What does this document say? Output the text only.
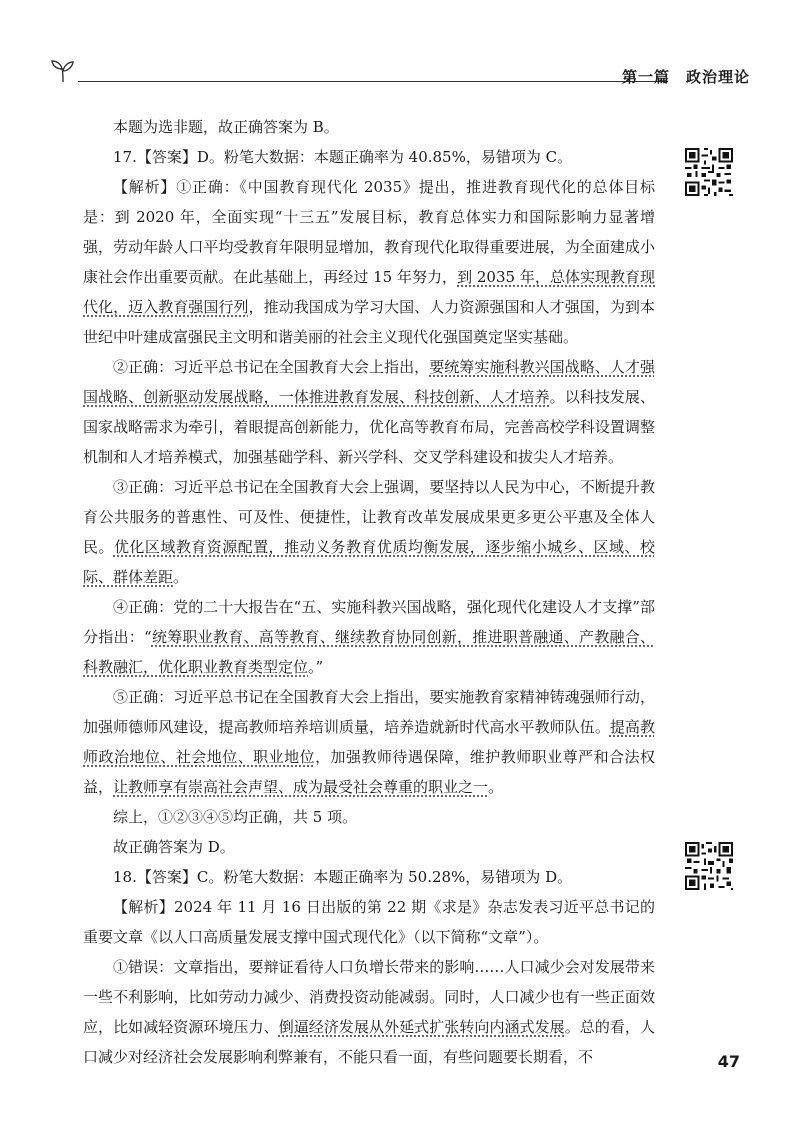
第一篇　政治理论

本题为选非题，故正确答案为 B。

17.【答案】D。粉笔大数据：本题正确率为 40.85%，易错项为 C。

【解析】①正确：《中国教育现代化 2035》提出，推进教育现代化的总体目标是：到 2020 年，全面实现“十三五”发展目标，教育总体实力和国际影响力显著增强，劳动年龄人口平均受教育年限明显增加，教育现代化取得重要进展，为全面建成小康社会作出重要贡献。在此基础上，再经过 15 年努力，到 2035 年，总体实现教育现代化，迈入教育强国行列，推动我国成为学习大国、人力资源强国和人才强国，为到本世纪中叶建成富强民主文明和谐美丽的社会主义现代化强国奠定坚实基础。

②正确：习近平总书记在全国教育大会上指出，要统筹实施科教兴国战略、人才强国战略、创新驱动发展战略，一体推进教育发展、科技创新、人才培养。以科技发展、国家战略需求为牵引，着眼提高创新能力，优化高等教育布局，完善高校学科设置调整机制和人才培养模式，加强基础学科、新兴学科、交叉学科建设和拔尖人才培养。

③正确：习近平总书记在全国教育大会上强调，要坚持以人民为中心，不断提升教育公共服务的普惠性、可及性、便捷性，让教育改革发展成果更多更公平惠及全体人民。优化区域教育资源配置，推动义务教育优质均衡发展，逐步缩小城乡、区域、校际、群体差距。

④正确：党的二十大报告在“五、实施科教兴国战略，强化现代化建设人才支撑”部分指出：“统筹职业教育、高等教育、继续教育协同创新，推进职普融通、产教融合、科教融汇，优化职业教育类型定位。”

⑤正确：习近平总书记在全国教育大会上指出，要实施教育家精神铸魂强师行动，加强师德师风建设，提高教师培养培训质量，培养造就新时代高水平教师队伍。提高教师政治地位、社会地位、职业地位，加强教师待遇保障，维护教师职业尊严和合法权益，让教师享有崇高社会声望、成为最受社会尊重的职业之一。

综上，①②③④⑤均正确，共 5 项。

故正确答案为 D。

18.【答案】C。粉笔大数据：本题正确率为 50.28%，易错项为 D。

【解析】2024 年 11 月 16 日出版的第 22 期《求是》杂志发表习近平总书记的重要文章《以人口高质量发展支撑中国式现代化》（以下简称“文章”）。

①错误：文章指出，要辩证看待人口负增长带来的影响……人口减少会对发展带来一些不利影响，比如劳动力减少、消费投资动能减弱。同时，人口减少也有一些正面效应，比如减轻资源环境压力、倒逼经济发展从外延式扩张转向内涵式发展。总的看，人口减少对经济社会发展影响利弊兼有，不能只看一面，有些问题要长期看，不	47
